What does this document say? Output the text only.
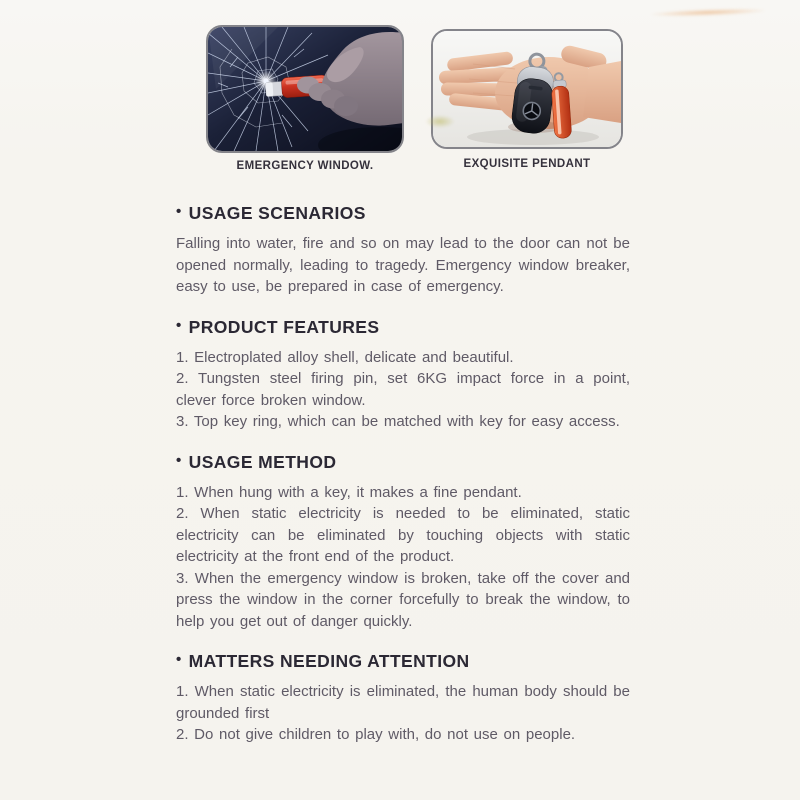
EMERGENCY WINDOW.	EXQUISITE PENDANT
• USAGE SCENARIOS

Falling into water, fire and so on may lead to the door can not be opened normally, leading to tragedy. Emergency window breaker, easy to use, be prepared in case of emergency.

• PRODUCT FEATURES

1. Electroplated alloy shell, delicate and beautiful.

2. Tungsten steel firing pin, set 6KG impact force in a point, clever force broken window.

3. Top key ring, which can be matched with key for easy access.

• USAGE METHOD

1. When hung with a key, it makes a fine pendant.

2. When static electricity is needed to be eliminated, static electricity can be eliminated by touching objects with static electricity at the front end of the product.

3. When the emergency window is broken, take off the cover and press the window in the corner forcefully to break the window, to help you get out of danger quickly.

• MATTERS NEEDING ATTENTION

1. When static electricity is eliminated, the human body should be grounded first

2. Do not give children to play with, do not use on people.
